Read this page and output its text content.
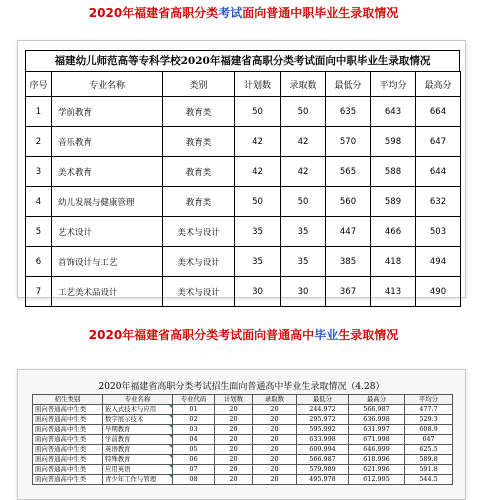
2020年福建省高职分类考试面向普通中职毕业生录取情况
福建幼儿师范高等专科学校2020年福建省高职分类考试面向中职毕业生录取情况
序号	专业名称	类别	计划数	录取数	最低分	平均分	最高分
1	学前教育	教育类	50	50	635	643	664
2	音乐教育	教育类	42	42	570	598	647
3	美术教育	教育类	42	42	565	588	644
4	幼儿发展与健康管理	教育类	50	50	560	589	632
5	艺术设计	美术与设计	35	35	447	466	503
6	首饰设计与工艺	美术与设计	35	35	385	418	494
7	工艺美术品设计	美术与设计	30	30	367	413	490
2020年福建省高职分类考试面向普通高中毕业生录取情况
2020年福建省高职分类考试招生面向普通高中毕业生录取情况（4.28）
招生类别	专业名称	专业代码	计划数	录取数	最低分	最高分	平均分
面向普通高中生类	嵌入式技术与应用	01	20	20	244.972	566.987	477.7
面向普通高中生类	数字展示技术	02	20	20	295.972	636.998	529.3
面向普通高中生类	早期教育	03	20	20	595.992	631.997	608.9
面向普通高中生类	学前教育	04	20	20	633.998	671.998	647
面向普通高中生类	英语教育	05	20	20	609.994	646.999	625.5
面向普通高中生类	特殊教育	06	20	20	566.987	618.996	589.8
面向普通高中生类	应用英语	07	20	20	579.989	621.996	591.8
面向普通高中生类	青少年工作与管理	08	20	20	495.978	612.995	544.5
